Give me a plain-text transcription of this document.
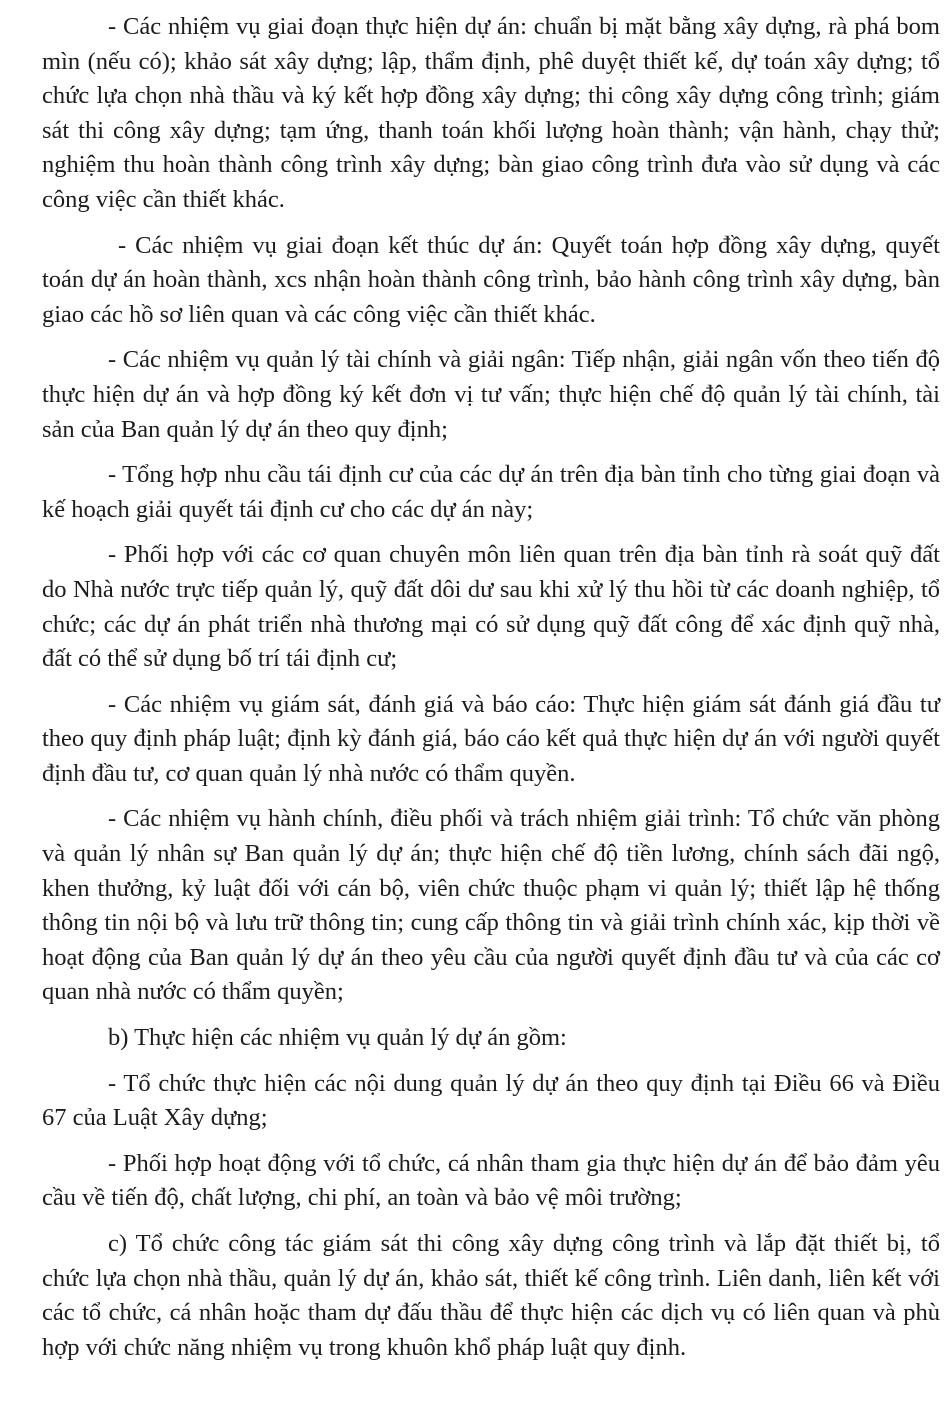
- Các nhiệm vụ giai đoạn thực hiện dự án: chuẩn bị mặt bằng xây dựng, rà phá bom mìn (nếu có); khảo sát xây dựng; lập, thẩm định, phê duyệt thiết kế, dự toán xây dựng; tổ chức lựa chọn nhà thầu và ký kết hợp đồng xây dựng; thi công xây dựng công trình; giám sát thi công xây dựng; tạm ứng, thanh toán khối lượng hoàn thành; vận hành, chạy thử; nghiệm thu hoàn thành công trình xây dựng; bàn giao công trình đưa vào sử dụng và các công việc cần thiết khác.

- Các nhiệm vụ giai đoạn kết thúc dự án: Quyết toán hợp đồng xây dựng, quyết toán dự án hoàn thành, xcs nhận hoàn thành công trình, bảo hành công trình xây dựng, bàn giao các hồ sơ liên quan và các công việc cần thiết khác.

- Các nhiệm vụ quản lý tài chính và giải ngân: Tiếp nhận, giải ngân vốn theo tiến độ thực hiện dự án và hợp đồng ký kết đơn vị tư vấn; thực hiện chế độ quản lý tài chính, tài sản của Ban quản lý dự án theo quy định;

- Tổng hợp nhu cầu tái định cư của các dự án trên địa bàn tỉnh cho từng giai đoạn và kế hoạch giải quyết tái định cư cho các dự án này;

- Phối hợp với các cơ quan chuyên môn liên quan trên địa bàn tỉnh rà soát quỹ đất do Nhà nước trực tiếp quản lý, quỹ đất dôi dư sau khi xử lý thu hồi từ các doanh nghiệp, tổ chức; các dự án phát triển nhà thương mại có sử dụng quỹ đất công để xác định quỹ nhà, đất có thể sử dụng bố trí tái định cư;

- Các nhiệm vụ giám sát, đánh giá và báo cáo: Thực hiện giám sát đánh giá đầu tư theo quy định pháp luật; định kỳ đánh giá, báo cáo kết quả thực hiện dự án với người quyết định đầu tư, cơ quan quản lý nhà nước có thẩm quyền.

- Các nhiệm vụ hành chính, điều phối và trách nhiệm giải trình: Tổ chức văn phòng và quản lý nhân sự Ban quản lý dự án; thực hiện chế độ tiền lương, chính sách đãi ngộ, khen thưởng, kỷ luật đối với cán bộ, viên chức thuộc phạm vi quản lý; thiết lập hệ thống thông tin nội bộ và lưu trữ thông tin; cung cấp thông tin và giải trình chính xác, kịp thời về hoạt động của Ban quản lý dự án theo yêu cầu của người quyết định đầu tư và của các cơ quan nhà nước có thẩm quyền;

b) Thực hiện các nhiệm vụ quản lý dự án gồm:

- Tổ chức thực hiện các nội dung quản lý dự án theo quy định tại Điều 66 và Điều 67 của Luật Xây dựng;

- Phối hợp hoạt động với tổ chức, cá nhân tham gia thực hiện dự án để bảo đảm yêu cầu về tiến độ, chất lượng, chi phí, an toàn và bảo vệ môi trường;

c) Tổ chức công tác giám sát thi công xây dựng công trình và lắp đặt thiết bị, tổ chức lựa chọn nhà thầu, quản lý dự án, khảo sát, thiết kế công trình. Liên danh, liên kết với các tổ chức, cá nhân hoặc tham dự đấu thầu để thực hiện các dịch vụ có liên quan và phù hợp với chức năng nhiệm vụ trong khuôn khổ pháp luật quy định.
